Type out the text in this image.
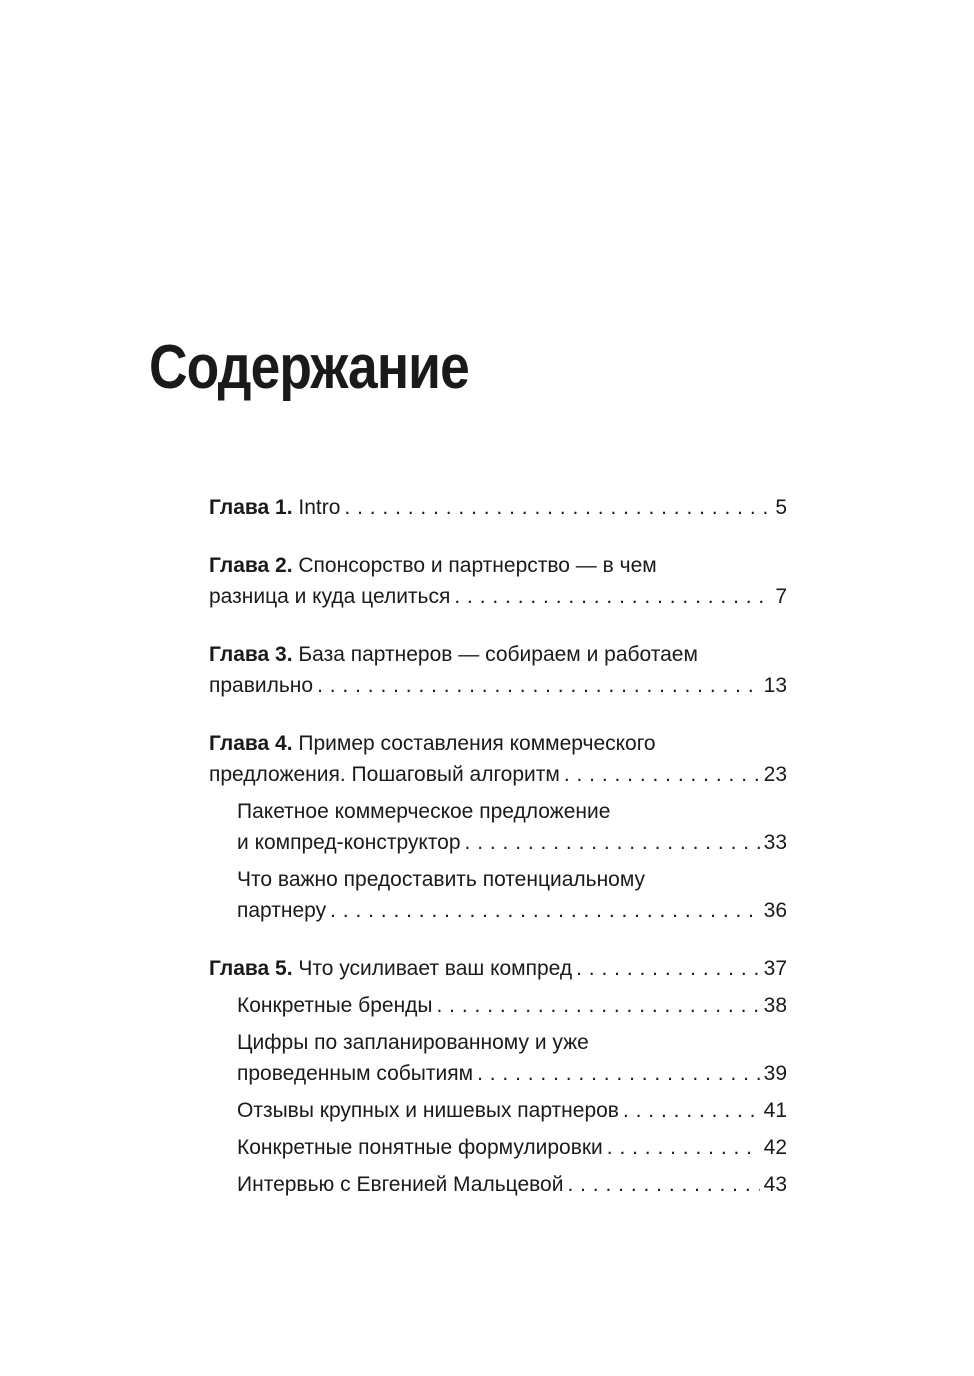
Содержание
Глава 1. Intro . . .	5
Глава 2. Спонсорство и партнерство — в чем
разница и куда целиться . . .	7
Глава 3. База партнеров — собираем и работаем
правильно . . .	13
Глава 4. Пример составления коммерческого
предложения. Пошаговый алгоритм . . .	23
Пакетное коммерческое предложение
и компред-конструктор . . .	33
Что важно предоставить потенциальному
партнеру . . .	36
Глава 5. Что усиливает ваш компред . . .	37
Конкретные бренды . . .	38
Цифры по запланированному и уже
проведенным событиям . . .	39
Отзывы крупных и нишевых партнеров . . .	41
Конкретные понятные формулировки . . .	42
Интервью с Евгенией Мальцевой . . .	43
